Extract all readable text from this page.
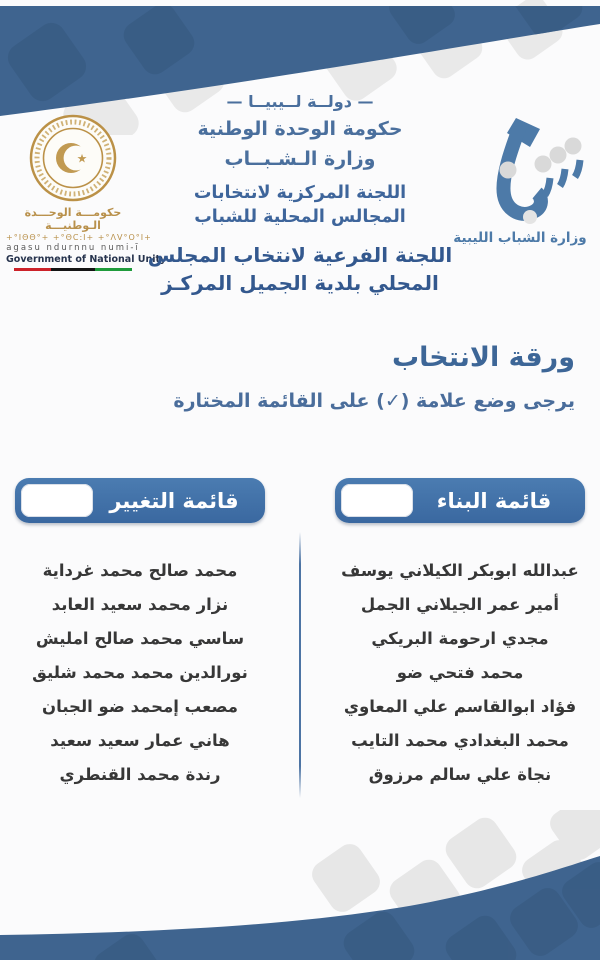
★
حكومـــة الوحـــدة الـوطنيـــة
+°IΘΘ°+ +°ΘC:I+ +°ΛV°O°I+
agasu ndurnnu numi-ī
Government of National Unity
— دولــة لــيبيــا —
حكومة الوحدة الوطنية
وزارة الـشـبــاب
اللجنة المركزية لانتخابات
المجالس المحلية للشباب
اللجنة الفرعية لانتخاب المجلس
المحلي بلدية الجميل المركـز
وزارة الشباب الليبية
ورقة الانتخاب
يرجى وضع علامة (✓) على القائمة المختارة
قائمة البناء
عبدالله ابوبكر الكيلاني يوسف
أمير عمر الجيلاني الجمل
مجدي ارحومة البريكي
محمد فتحي ضو
فؤاد ابوالقاسم علي المعاوي
محمد البغدادي محمد التايب
نجاة علي سالم مرزوق
قائمة التغيير
محمد صالح محمد غرداية
نزار محمد سعيد العابد
ساسي محمد صالح امليش
نورالدين محمد محمد شليق
مصعب إمحمد ضو الجبان
هاني عمار سعيد سعيد
رندة محمد القنطري
